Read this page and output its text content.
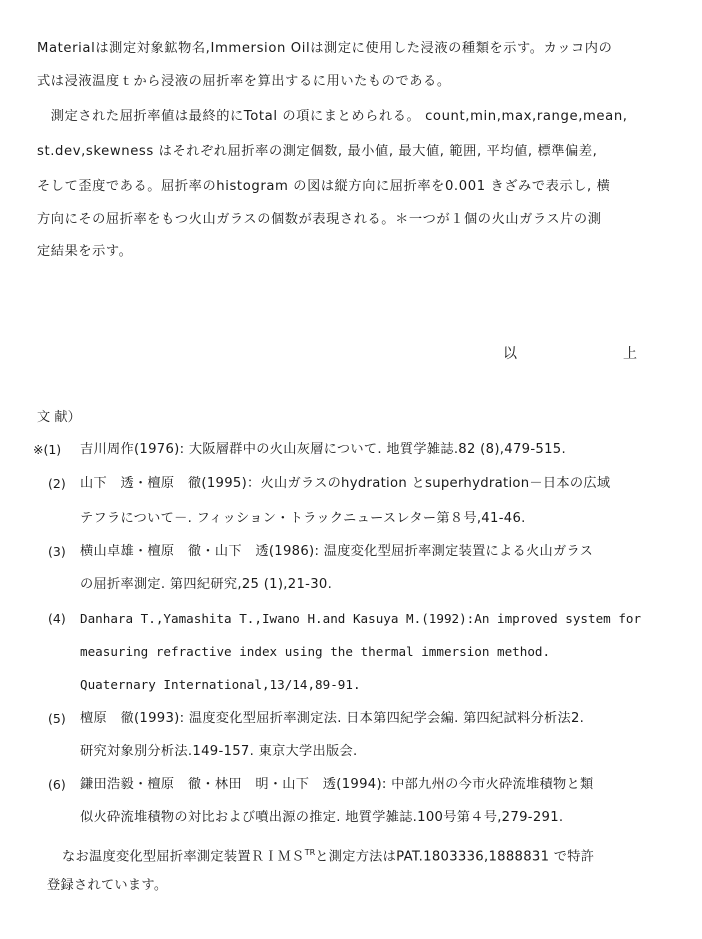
Materialは測定対象鉱物名,Immersion Oilは測定に使用した浸液の種類を示す。カッコ内の
式は浸液温度ｔから浸液の屈折率を算出するに用いたものである。
　測定された屈折率値は最終的にTotal の項にまとめられる。 count,min,max,range,mean,
st.dev,skewness はそれぞれ屈折率の測定個数, 最小値, 最大値, 範囲, 平均値, 標準偏差,
そして歪度である。屈折率のhistogram の図は縦方向に屈折率を0.001 きざみで表示し, 横
方向にその屈折率をもつ火山ガラスの個数が表現される。＊一つが１個の火山ガラス片の測
定結果を示す。
以	上
文 献）
※(1) 吉川周作(1976): 大阪層群中の火山灰層について. 地質学雑誌.82 (8),479-515.
(2) 山下　透・檀原　徹(1995)：火山ガラスのhydration とsuperhydration－日本の広域
テフラについて－. フィッション・トラックニュースレター第８号,41-46.
(3) 横山卓雄・檀原　徹・山下　透(1986): 温度変化型屈折率測定装置による火山ガラス
の屈折率測定. 第四紀研究,25 (1),21-30.
(4) Danhara T.,Yamashita T.,Iwano H.and Kasuya M.(1992):An improved system for
measuring refractive index using the thermal immersion method.
Quaternary International,13/14,89-91.
(5) 檀原　徹(1993): 温度変化型屈折率測定法. 日本第四紀学会編. 第四紀試料分析法2.
研究対象別分析法.149-157. 東京大学出版会.
(6) 鎌田浩毅・檀原　徹・林田　明・山下　透(1994): 中部九州の今市火砕流堆積物と類
似火砕流堆積物の対比および噴出源の推定. 地質学雑誌.100号第４号,279-291.
なお温度変化型屈折率測定装置ＲＩＭＳ$^{TR}$と測定方法はPAT.1803336,1888831 で特許
登録されています。
